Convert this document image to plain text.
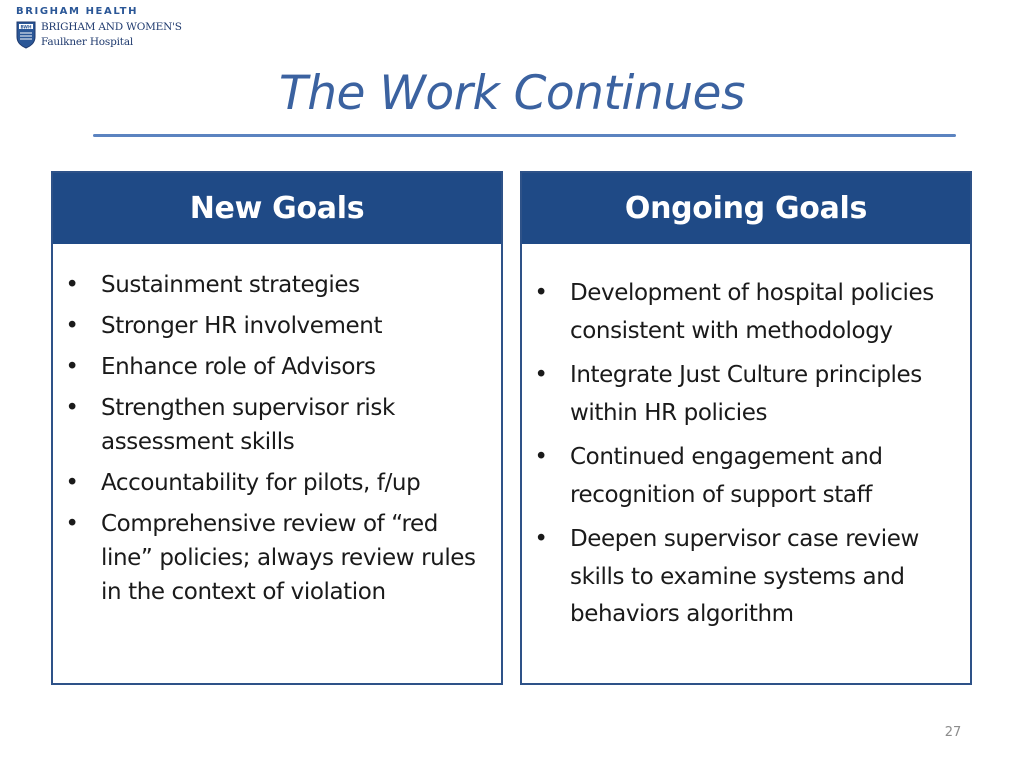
BRIGHAM HEALTH
BWH BRIGHAM AND WOMEN'S
Faulkner Hospital
The Work Continues
New Goals
• Sustainment strategies
• Stronger HR involvement
• Enhance role of Advisors
• Strengthen supervisor risk assessment skills
• Accountability for pilots, f/up
• Comprehensive review of “red line” policies; always review rules in the context of violation
Ongoing Goals
• Development of hospital policies consistent with methodology
• Integrate Just Culture principles within HR policies
• Continued engagement and recognition of support staff
• Deepen supervisor case review skills to examine systems and behaviors algorithm
27
